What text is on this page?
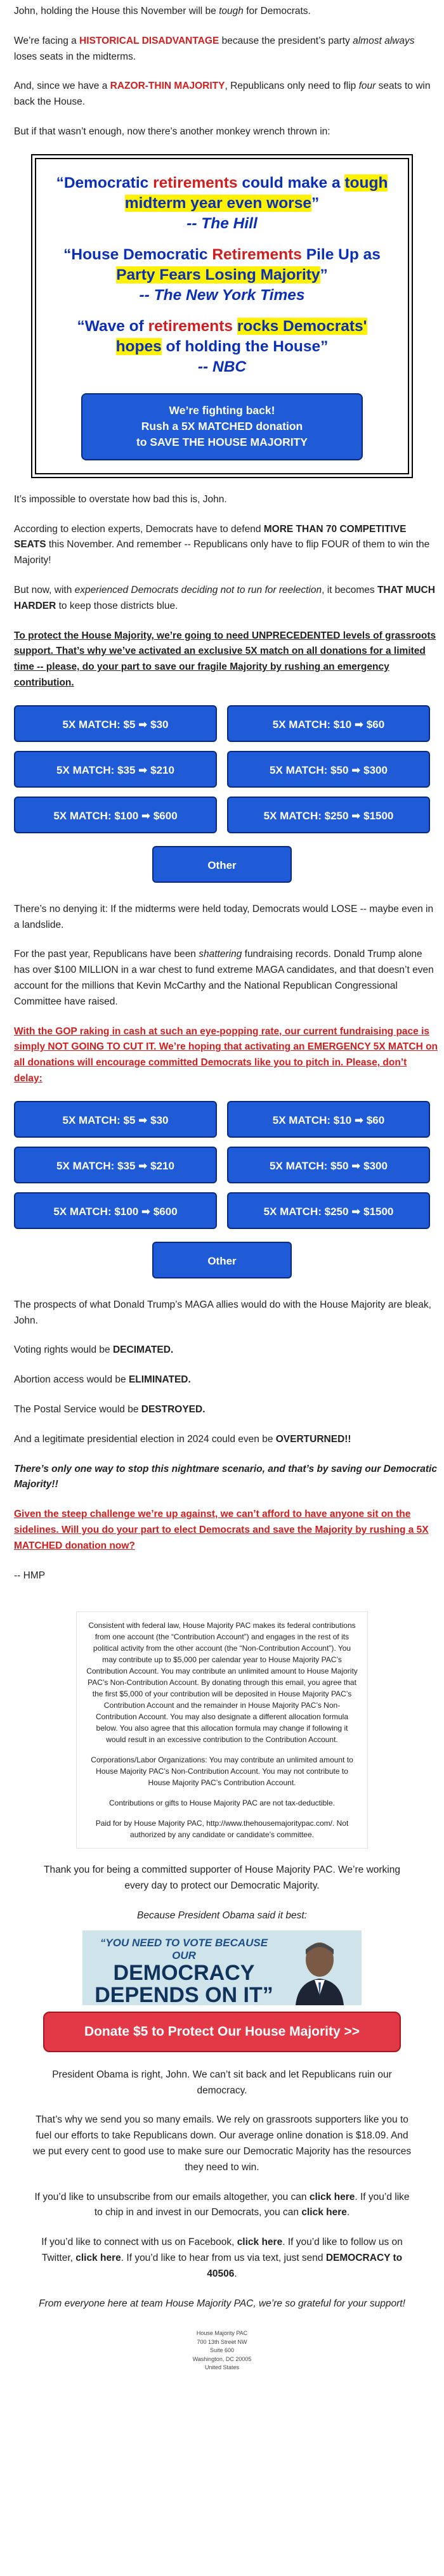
John, holding the House this November will be tough for Democrats.

We’re facing a HISTORICAL DISADVANTAGE because the president’s party almost always loses seats in the midterms.

And, since we have a RAZOR-THIN MAJORITY, Republicans only need to flip four seats to win back the House.

But if that wasn’t enough, now there’s another monkey wrench thrown in:

“Democratic retirements could make a tough midterm year even worse”
-- The Hill
“House Democratic Retirements Pile Up as Party Fears Losing Majority”
-- The New York Times
“Wave of retirements rocks Democrats' hopes of holding the House”
-- NBC
We’re fighting back!
Rush a 5X MATCHED donation
to SAVE THE HOUSE MAJORITY

It’s impossible to overstate how bad this is, John.

According to election experts, Democrats have to defend MORE THAN 70 COMPETITIVE SEATS this November. And remember -- Republicans only have to flip FOUR of them to win the Majority!

But now, with experienced Democrats deciding not to run for reelection, it becomes THAT MUCH HARDER to keep those districts blue.

To protect the House Majority, we’re going to need UNPRECEDENTED levels of grassroots support. That’s why we’ve activated an exclusive 5X match on all donations for a limited time -- please, do your part to save our fragile Majority by rushing an emergency contribution.

5X MATCH: $5 ➡ $30	5X MATCH: $10 ➡ $60
5X MATCH: $35 ➡ $210	5X MATCH: $50 ➡ $300
5X MATCH: $100 ➡ $600	5X MATCH: $250 ➡ $1500
Other

There’s no denying it: If the midterms were held today, Democrats would LOSE -- maybe even in a landslide.

For the past year, Republicans have been shattering fundraising records. Donald Trump alone has over $100 MILLION in a war chest to fund extreme MAGA candidates, and that doesn’t even account for the millions that Kevin McCarthy and the National Republican Congressional Committee have raised.

With the GOP raking in cash at such an eye-popping rate, our current fundraising pace is simply NOT GOING TO CUT IT. We’re hoping that activating an EMERGENCY 5X MATCH on all donations will encourage committed Democrats like you to pitch in. Please, don’t delay:

5X MATCH: $5 ➡ $30	5X MATCH: $10 ➡ $60
5X MATCH: $35 ➡ $210	5X MATCH: $50 ➡ $300
5X MATCH: $100 ➡ $600	5X MATCH: $250 ➡ $1500
Other

The prospects of what Donald Trump’s MAGA allies would do with the House Majority are bleak, John.

Voting rights would be DECIMATED.

Abortion access would be ELIMINATED.

The Postal Service would be DESTROYED.

And a legitimate presidential election in 2024 could even be OVERTURNED!!

There’s only one way to stop this nightmare scenario, and that’s by saving our Democratic Majority!!

Given the steep challenge we’re up against, we can’t afford to have anyone sit on the sidelines. Will you do your part to elect Democrats and save the Majority by rushing a 5X MATCHED donation now?

-- HMP

Consistent with federal law, House Majority PAC makes its federal contributions from one account (the “Contribution Account”) and engages in the rest of its political activity from the other account (the “Non-Contribution Account”). You may contribute up to $5,000 per calendar year to House Majority PAC’s Contribution Account. You may contribute an unlimited amount to House Majority PAC’s Non-Contribution Account. By donating through this email, you agree that the first $5,000 of your contribution will be deposited in House Majority PAC’s Contribution Account and the remainder in House Majority PAC’s Non-Contribution Account. You may also designate a different allocation formula below. You also agree that this allocation formula may change if following it would result in an excessive contribution to the Contribution Account.

Corporations/Labor Organizations: You may contribute an unlimited amount to House Majority PAC’s Non-Contribution Account. You may not contribute to House Majority PAC’s Contribution Account.

Contributions or gifts to House Majority PAC are not tax-deductible.

Paid for by House Majority PAC, http://www.thehousemajoritypac.com/. Not authorized by any candidate or candidate’s committee.

Thank you for being a committed supporter of House Majority PAC. We’re working every day to protect our Democratic Majority.

Because President Obama said it best:

“YOU NEED TO VOTE BECAUSE OUR
DEMOCRACY
DEPENDS ON IT”
Donate $5 to Protect Our House Majority >>

President Obama is right, John. We can’t sit back and let Republicans ruin our democracy.

That’s why we send you so many emails. We rely on grassroots supporters like you to fuel our efforts to take Republicans down. Our average online donation is $18.09. And we put every cent to good use to make sure our Democratic Majority has the resources they need to win.

If you’d like to unsubscribe from our emails altogether, you can click here. If you’d like to chip in and invest in our Democrats, you can click here.

If you’d like to connect with us on Facebook, click here. If you’d like to follow us on Twitter, click here. If you’d like to hear from us via text, just send DEMOCRACY to 40506.

From everyone here at team House Majority PAC, we’re so grateful for your support!

House Majority PAC
700 13th Street NW
Suite 600
Washington, DC 20005
United States
